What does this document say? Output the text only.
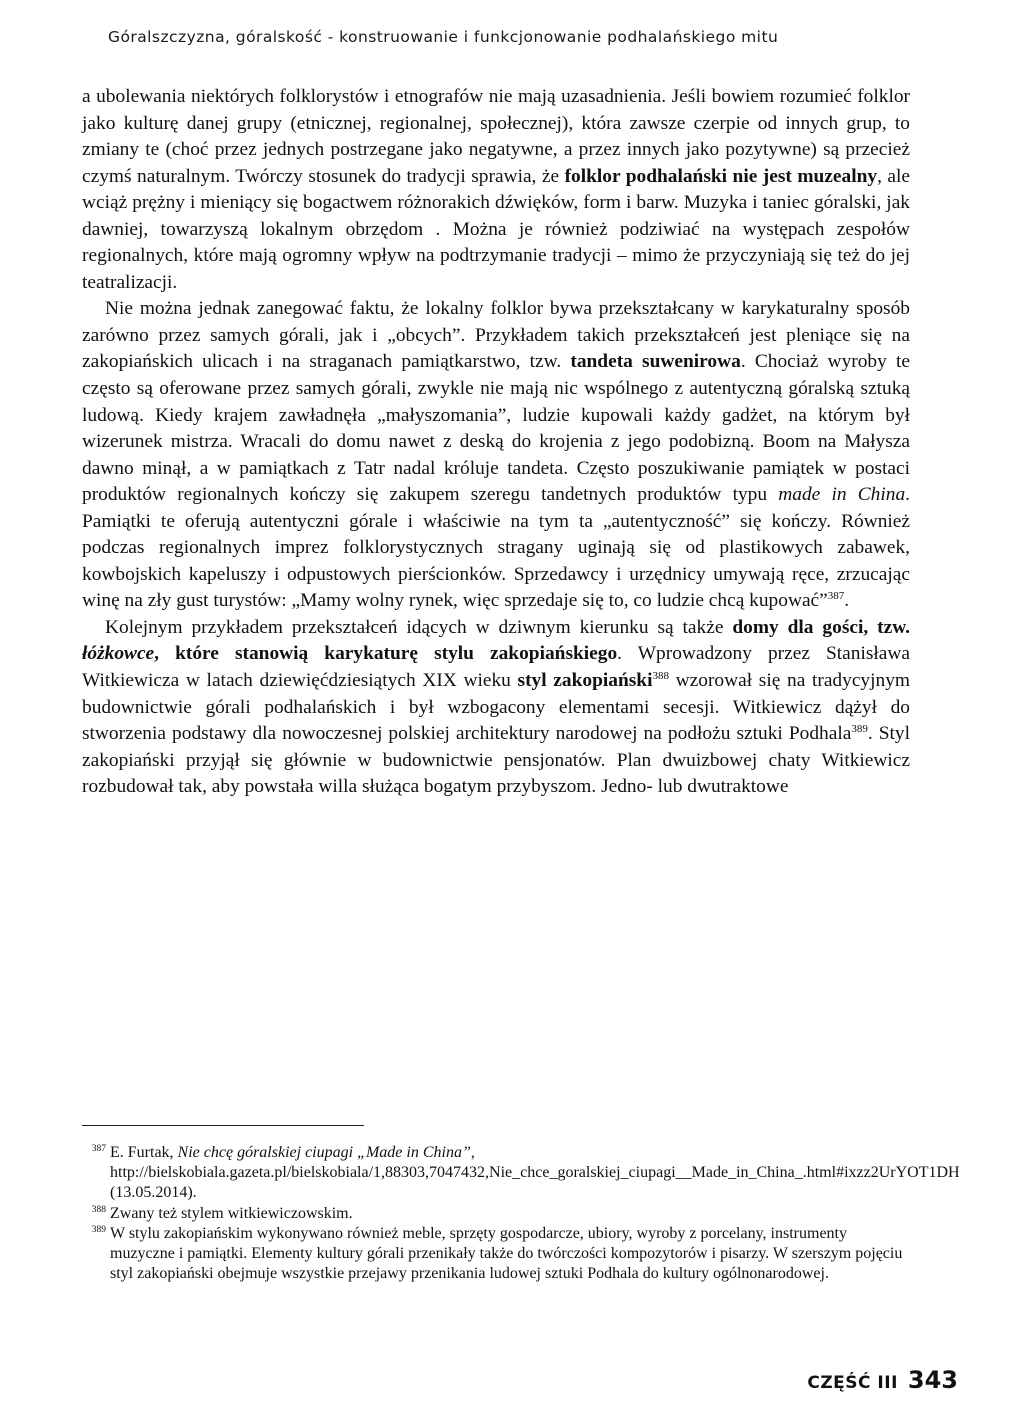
Góralszczyzna, góralskość - konstruowanie i funkcjonowanie podhalańskiego mitu

a ubolewania niektórych folklorystów i etnografów nie mają uzasadnienia. Jeśli bowiem rozumieć folklor jako kulturę danej grupy (etnicznej, regionalnej, społecznej), która zawsze czerpie od innych grup, to zmiany te (choć przez jednych postrzegane jako negatywne, a przez innych jako pozytywne) są przecież czymś naturalnym. Twórczy stosunek do tradycji sprawia, że folklor podhalański nie jest muzealny, ale wciąż prężny i mieniący się bogactwem różnorakich dźwięków, form i barw. Muzyka i taniec góralski, jak dawniej, towarzyszą lokalnym obrzędom . Można je również podziwiać na występach zespołów regionalnych, które mają ogromny wpływ na podtrzymanie tradycji – mimo że przyczyniają się też do jej teatralizacji.

Nie można jednak zanegować faktu, że lokalny folklor bywa przekształcany w karykaturalny sposób zarówno przez samych górali, jak i „obcych”. Przykładem takich przekształceń jest pleniące się na zakopiańskich ulicach i na straganach pamiątkarstwo, tzw. tandeta suwenirowa. Chociaż wyroby te często są oferowane przez samych górali, zwykle nie mają nic wspólnego z autentyczną góralską sztuką ludową. Kiedy krajem zawładnęła „małyszomania”, ludzie kupowali każdy gadżet, na którym był wizerunek mistrza. Wracali do domu nawet z deską do krojenia z jego podobizną. Boom na Małysza dawno minął, a w pamiątkach z Tatr nadal króluje tandeta. Często poszukiwanie pamiątek w postaci produktów regionalnych kończy się zakupem szeregu tandetnych produktów typu made in China. Pamiątki te oferują autentyczni górale i właściwie na tym ta „autentyczność” się kończy. Również podczas regionalnych imprez folklorystycznych stragany uginają się od plastikowych zabawek, kowbojskich kapeluszy i odpustowych pierścionków. Sprzedawcy i urzędnicy umywają ręce, zrzucając winę na zły gust turystów: „Mamy wolny rynek, więc sprzedaje się to, co ludzie chcą kupować”$^{387}$.

Kolejnym przykładem przekształceń idących w dziwnym kierunku są także domy dla gości, tzw. łóżkowce, które stanowią karykaturę stylu zakopiańskiego. Wprowadzony przez Stanisława Witkiewicza w latach dziewięćdziesiątych XIX wieku styl zakopiański$^{388}$ wzorował się na tradycyjnym budownictwie górali podhalańskich i był wzbogacony elementami secesji. Witkiewicz dążył do stworzenia podstawy dla nowoczesnej polskiej architektury narodowej na podłożu sztuki Podhala$^{389}$. Styl zakopiański przyjął się głównie w budownictwie pensjonatów. Plan dwuizbowej chaty Witkiewicz rozbudował tak, aby powstała willa służąca bogatym przybyszom. Jedno- lub dwutraktowe

387 E. Furtak, Nie chcę góralskiej ciupagi „Made in China”, http://bielskobiala.gazeta.pl/bielskobiala/1,88303,7047432,Nie_chce_goralskiej_ciupagi__Made_in_China_.html#ixzz2UrYOT1DH (13.05.2014).
388 Zwany też stylem witkiewiczowskim.
389 W stylu zakopiańskim wykonywano również meble, sprzęty gospodarcze, ubiory, wyroby z porcelany, instrumenty muzyczne i pamiątki. Elementy kultury górali przenikały także do twórczości kompozytorów i pisarzy. W szerszym pojęciu styl zakopiański obejmuje wszystkie przejawy przenikania ludowej sztuki Podhala do kultury ogólnonarodowej.
CZĘŚĆ III 343
